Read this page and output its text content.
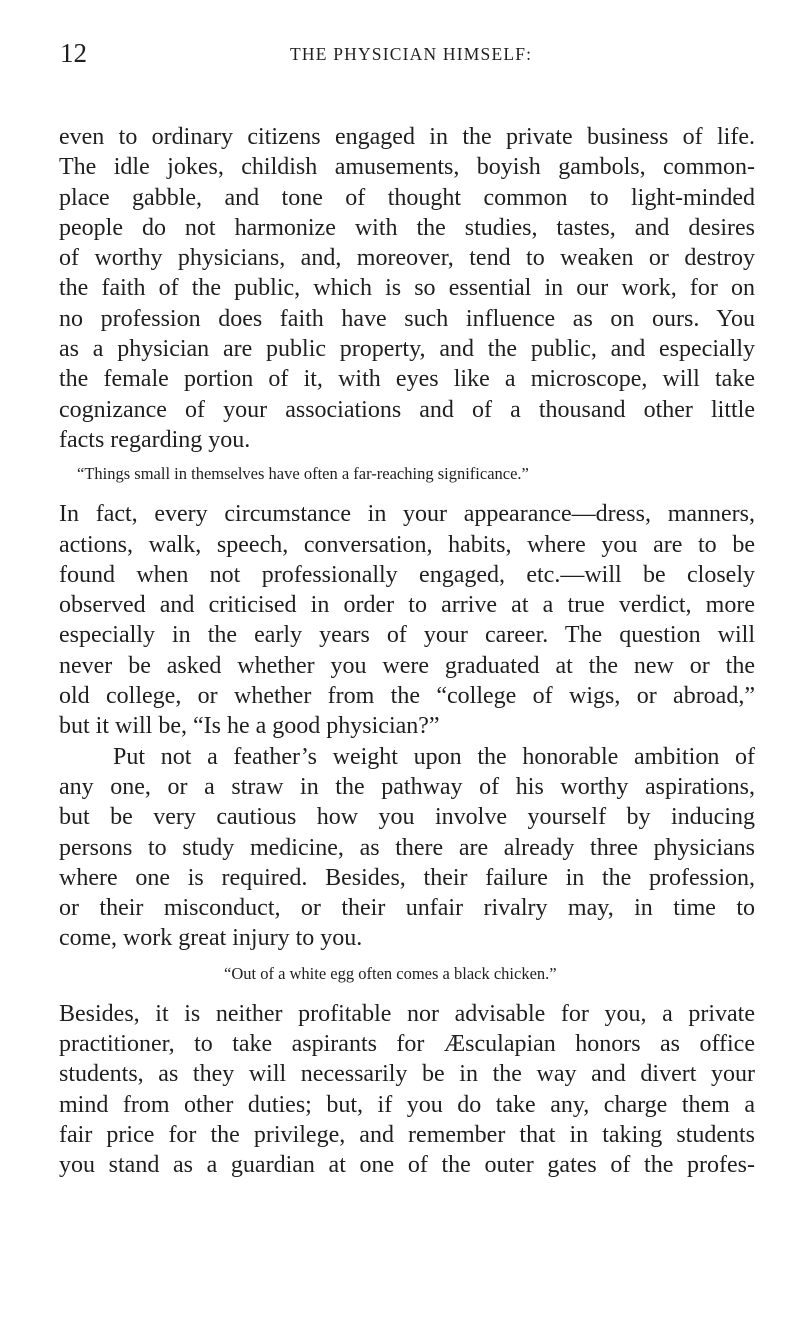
12	THE PHYSICIAN HIMSELF:
even to ordinary citizens engaged in the private business of life.
The idle jokes, childish amusements, boyish gambols, common-
place gabble, and tone of thought common to light-minded
people do not harmonize with the studies, tastes, and desires
of worthy physicians, and, moreover, tend to weaken or destroy
the faith of the public, which is so essential in our work, for on
no profession does faith have such influence as on ours. You
as a physician are public property, and the public, and especially
the female portion of it, with eyes like a microscope, will take
cognizance of your associations and of a thousand other little
facts regarding you.
“Things small in themselves have often a far-reaching significance.”
In fact, every circumstance in your appearance—dress, manners,
actions, walk, speech, conversation, habits, where you are to be
found when not professionally engaged, etc.—will be closely
observed and criticised in order to arrive at a true verdict, more
especially in the early years of your career. The question will
never be asked whether you were graduated at the new or the
old college, or whether from the “college of wigs, or abroad,”
but it will be, “Is he a good physician?”
Put not a feather’s weight upon the honorable ambition of
any one, or a straw in the pathway of his worthy aspirations,
but be very cautious how you involve yourself by inducing
persons to study medicine, as there are already three physicians
where one is required. Besides, their failure in the profession,
or their misconduct, or their unfair rivalry may, in time to
come, work great injury to you.
“Out of a white egg often comes a black chicken.”
Besides, it is neither profitable nor advisable for you, a private
practitioner, to take aspirants for Æsculapian honors as office
students, as they will necessarily be in the way and divert your
mind from other duties; but, if you do take any, charge them a
fair price for the privilege, and remember that in taking students
you stand as a guardian at one of the outer gates of the profes-
